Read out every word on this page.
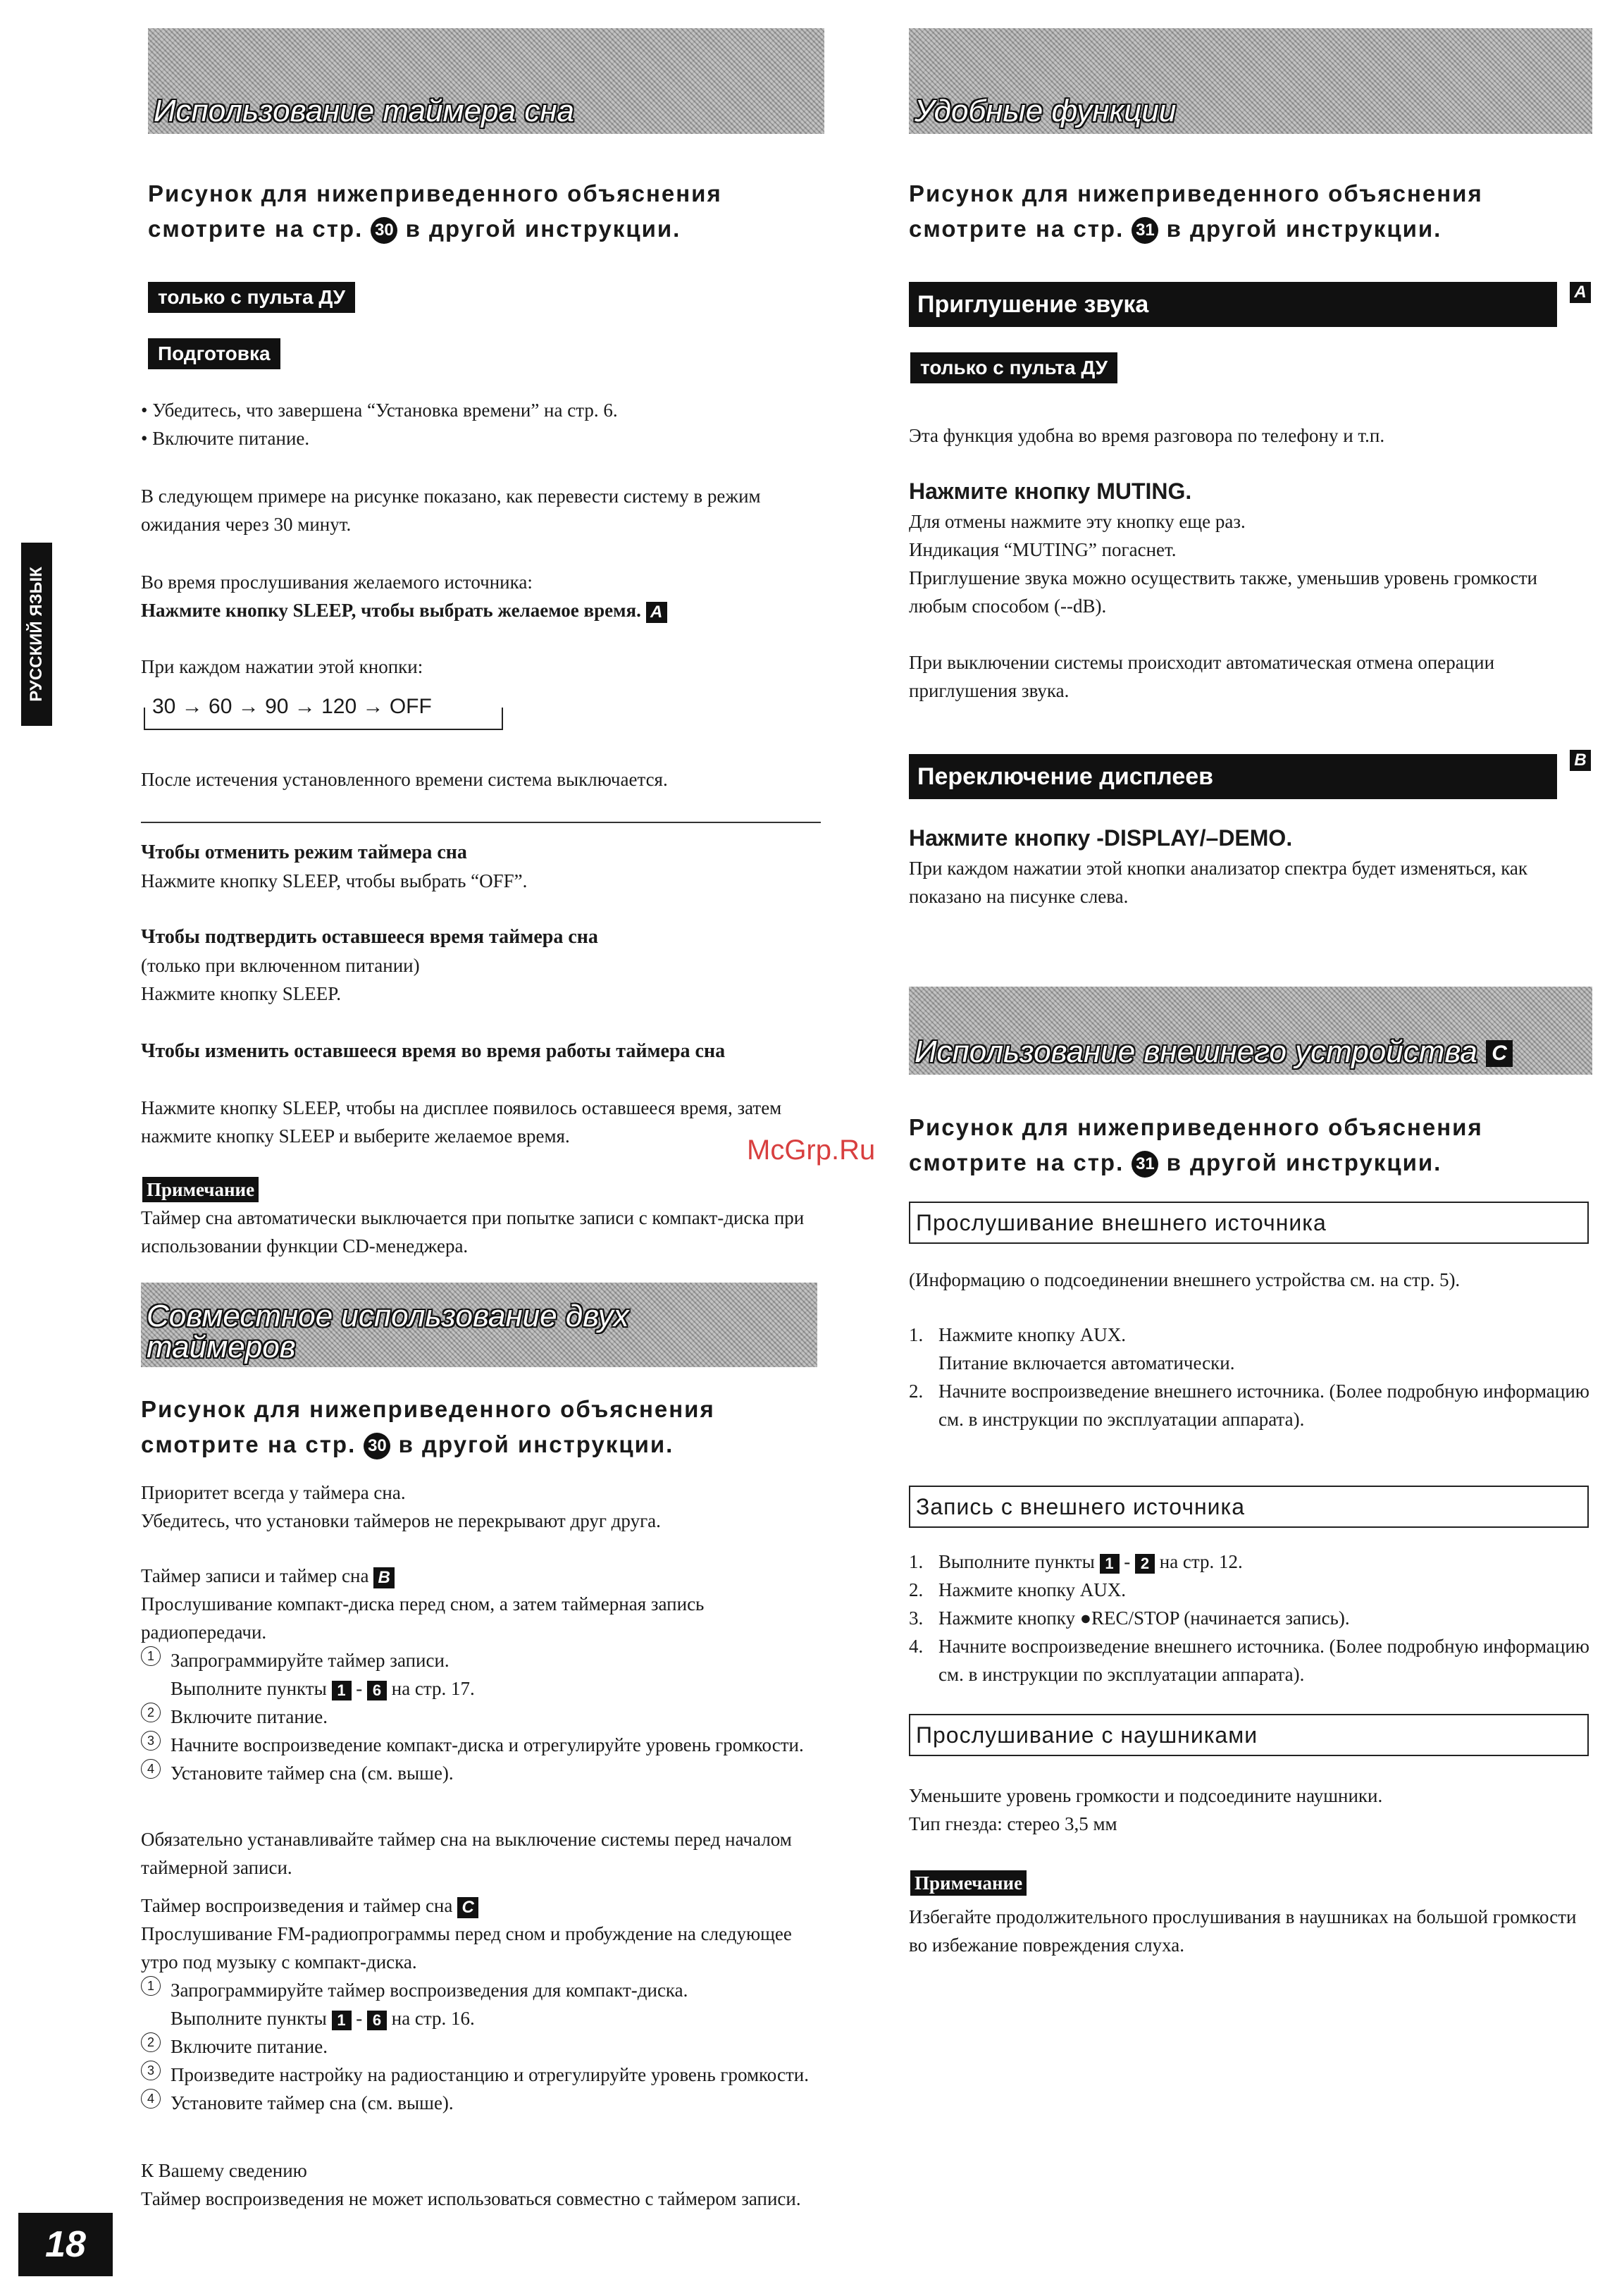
РУССКИЙ ЯЗЫК
18
McGrp.Ru
Использование таймера сна
Рисунок для нижеприведенного объяснения смотрите на стр. 30 в другой инструкции.
только с пульта ДУ
Подготовка
• Убедитесь, что завершена “Установка времени” на стр. 6.
• Включите питание.
В следующем примере на рисунке показано, как перевести систему в режим ожидания через 30 минут.
Во время прослушивания желаемого источника:
Нажмите кнопку SLEEP, чтобы выбрать желаемое время. A
При каждом нажатии этой кнопки:
30 → 60 → 90 → 120 → OFF
После истечения установленного времени система выключается.
Чтобы отменить режим таймера сна
Нажмите кнопку SLEEP, чтобы выбрать “OFF”.
Чтобы подтвердить оставшееся время таймера сна
(только при включенном питании)
Нажмите кнопку SLEEP.
Чтобы изменить оставшееся время во время работы таймера сна
Нажмите кнопку SLEEP, чтобы на дисплее появилось оставшееся время, затем нажмите кнопку SLEEP и выберите желаемое время.
Примечание
Таймер сна автоматически выключается при попытке записи с компакт-диска при использовании функции CD-менеджера.
Совместное использование двух
таймеров
Рисунок для нижеприведенного объяснения смотрите на стр. 30 в другой инструкции.
Приоритет всегда у таймера сна.
Убедитесь, что установки таймеров не перекрывают друг друга.
Таймер записи и таймер сна B
Прослушивание компакт-диска перед сном, а затем таймерная запись радиопередачи.
1 Запрограммируйте таймер записи.
Выполните пункты 1 - 6 на стр. 17.
2 Включите питание.
3 Начните воспроизведение компакт-диска и отрегулируйте уровень громкости.
4 Установите таймер сна (см. выше).
Обязательно устанавливайте таймер сна на выключение системы перед началом таймерной записи.
Таймер воспроизведения и таймер сна C
Прослушивание FM-радиопрограммы перед сном и пробуждение на следующее утро под музыку с компакт-диска.
1 Запрограммируйте таймер воспроизведения для компакт-диска.
Выполните пункты 1 - 6 на стр. 16.
2 Включите питание.
3 Произведите настройку на радиостанцию и отрегулируйте уровень громкости.
4 Установите таймер сна (см. выше).
К Вашему сведению
Таймер воспроизведения не может использоваться совместно с таймером записи.
Удобные функции
Рисунок для нижеприведенного объяснения смотрите на стр. 31 в другой инструкции.
Приглушение звука	A
только с пульта ДУ
Эта функция удобна во время разговора по телефону и т.п.
Нажмите кнопку MUTING.
Для отмены нажмите эту кнопку еще раз.
Индикация “MUTING” погаснет.
Приглушение звука можно осуществить также, уменьшив уровень громкости любым способом (--dB).
При выключении системы происходит автоматическая отмена операции приглушения звука.
Переключение дисплеев
B
Нажмите кнопку -DISPLAY/–DEMO.
При каждом нажатии этой кнопки анализатор спектра будет изменяться, как показано на писунке слева.
Использование внешнего устройства C
Рисунок для нижеприведенного объяснения смотрите на стр. 31 в другой инструкции.
Прослушивание внешнего источника
(Информацию о подсоединении внешнего устройства см. на стр. 5).
1. Нажмите кнопку AUX.
Питание включается автоматически.
2. Начните воспроизведение внешнего источника. (Более подробную информацию см. в инструкции по эксплуатации аппарата).
Запись с внешнего источника
1. Выполните пункты 1 - 2 на стр. 12.
2. Нажмите кнопку AUX.
3. Нажмите кнопку ●REC/STOP (начинается запись).
4. Начните воспроизведение внешнего источника. (Более подробную информацию см. в инструкции по эксплуатации аппарата).
Прослушивание с наушниками
Уменьшите уровень громкости и подсоедините наушники.
Тип гнезда: стерео 3,5 мм
Примечание
Избегайте продолжительного прослушивания в наушниках на большой громкости во избежание повреждения слуха.
